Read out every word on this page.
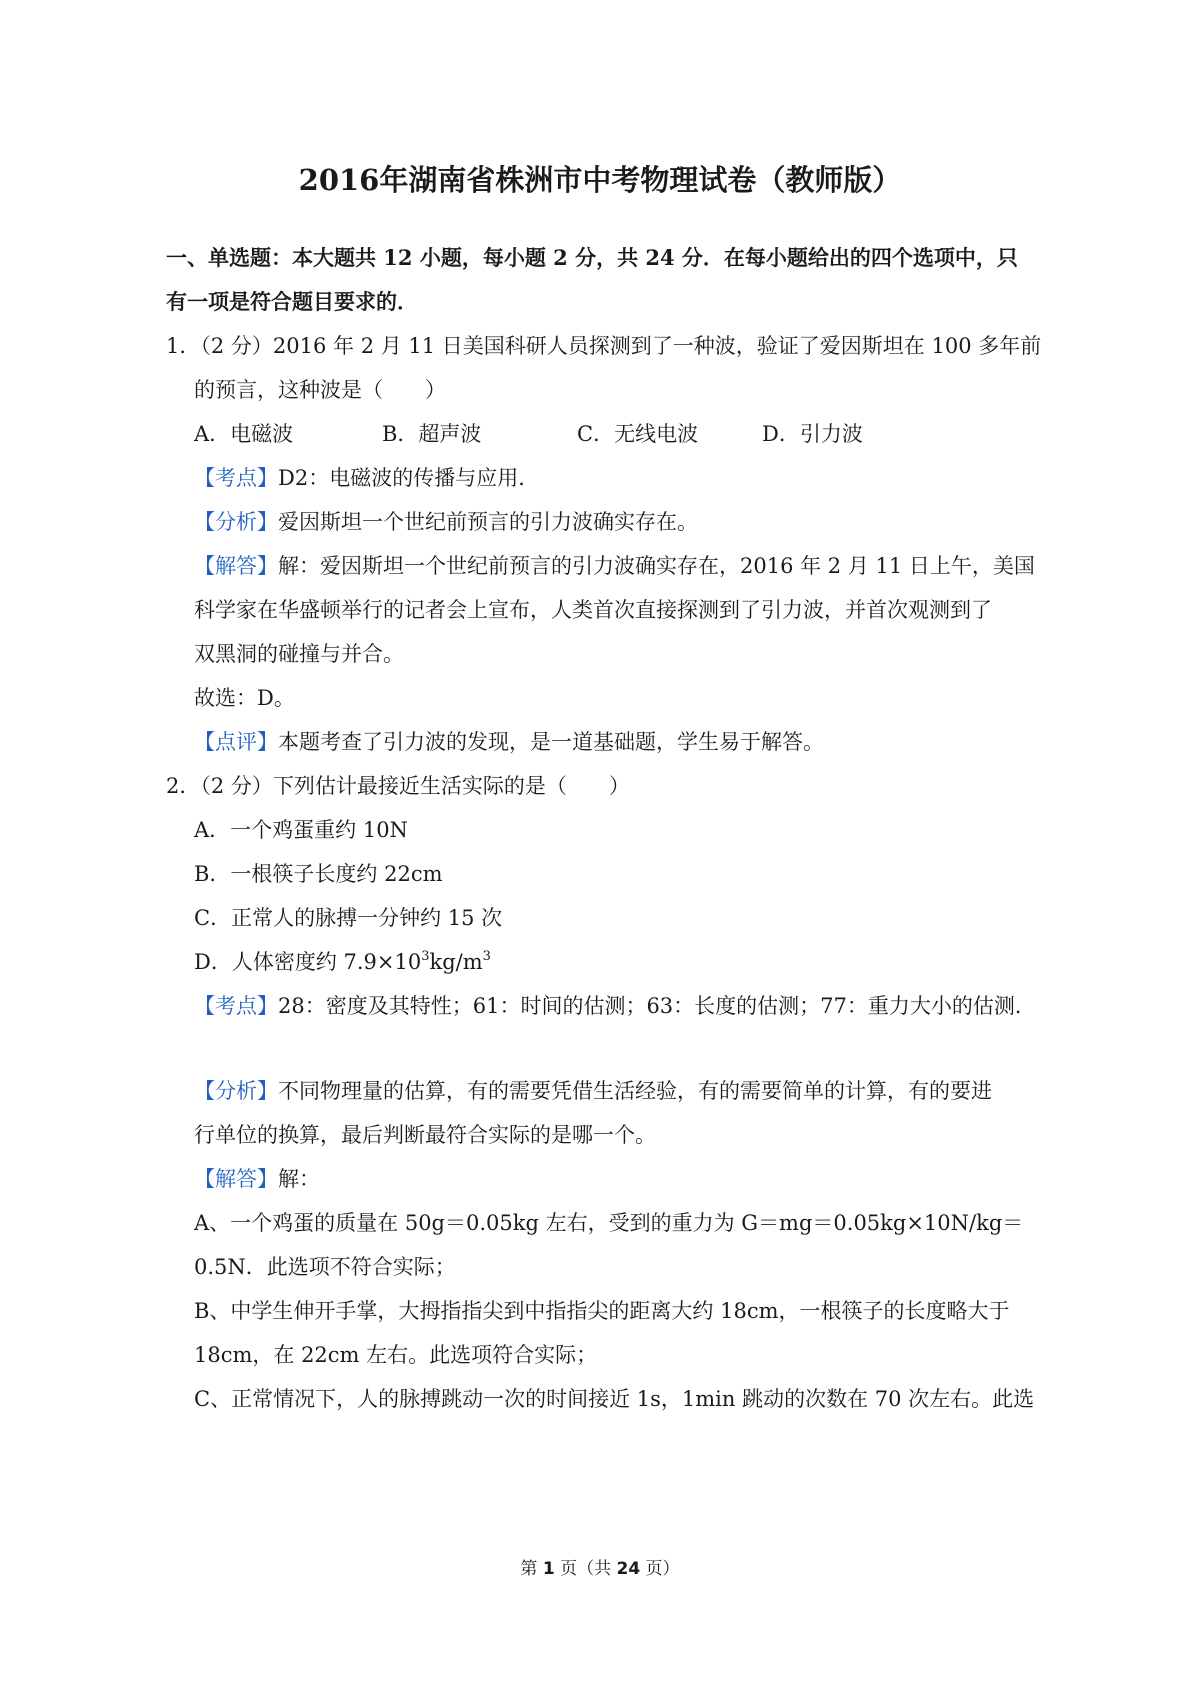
2016年湖南省株洲市中考物理试卷（教师版）
一、单选题：本大题共 12 小题，每小题 2 分，共 24 分．在每小题给出的四个选项中，只
有一项是符合题目要求的．
1．（2 分）2016 年 2 月 11 日美国科研人员探测到了一种波，验证了爱因斯坦在 100 多年前
的预言，这种波是（　　）
A．电磁波	B．超声波	C．无线电波	D．引力波
【考点】D2：电磁波的传播与应用．
【分析】爱因斯坦一个世纪前预言的引力波确实存在。
【解答】解：爱因斯坦一个世纪前预言的引力波确实存在，2016 年 2 月 11 日上午，美国
科学家在华盛顿举行的记者会上宣布，人类首次直接探测到了引力波，并首次观测到了
双黑洞的碰撞与并合。
故选：D。
【点评】本题考查了引力波的发现，是一道基础题，学生易于解答。
2．（2 分）下列估计最接近生活实际的是（　　）
A．一个鸡蛋重约 10N
B．一根筷子长度约 22cm
C．正常人的脉搏一分钟约 15 次
D．人体密度约 $7.9\times 10^3kg/m^3$
【考点】28：密度及其特性；61：时间的估测；63：长度的估测；77：重力大小的估测．
【分析】不同物理量的估算，有的需要凭借生活经验，有的需要简单的计算，有的要进
行单位的换算，最后判断最符合实际的是哪一个。
【解答】解：
A、一个鸡蛋的质量在 50g＝0.05kg 左右，受到的重力为 G＝mg＝0.05kg×10N/kg＝
0.5N．此选项不符合实际；
B、中学生伸开手掌，大拇指指尖到中指指尖的距离大约 18cm，一根筷子的长度略大于
18cm，在 22cm 左右。此选项符合实际；
C、正常情况下，人的脉搏跳动一次的时间接近 1s，1min 跳动的次数在 70 次左右。此选
第 1 页（共 24 页）
